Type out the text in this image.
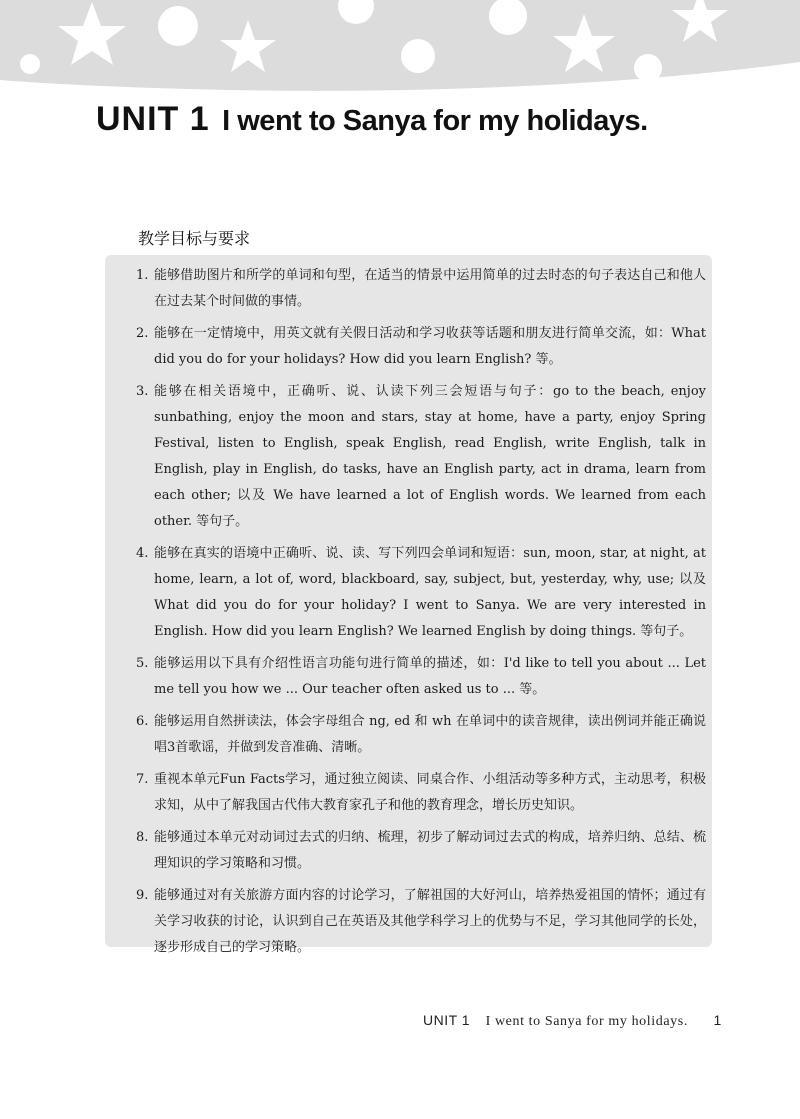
UNIT 1 I went to Sanya for my holidays.
教学目标与要求
1. 能够借助图片和所学的单词和句型，在适当的情景中运用简单的过去时态的句子表达自己和他人在过去某个时间做的事情。
2. 能够在一定情境中，用英文就有关假日活动和学习收获等话题和朋友进行简单交流，如：What did you do for your holidays? How did you learn English? 等。
3. 能够在相关语境中，正确听、说、认读下列三会短语与句子：go to the beach, enjoy sunbathing, enjoy the moon and stars, stay at home, have a party, enjoy Spring Festival, listen to English, speak English, read English, write English, talk in English, play in English, do tasks, have an English party, act in drama, learn from each other; 以及 We have learned a lot of English words. We learned from each other. 等句子。
4. 能够在真实的语境中正确听、说、读、写下列四会单词和短语：sun, moon, star, at night, at home, learn, a lot of, word, blackboard, say, subject, but, yesterday, why, use; 以及 What did you do for your holiday? I went to Sanya. We are very interested in English. How did you learn English? We learned English by doing things. 等句子。
5. 能够运用以下具有介绍性语言功能句进行简单的描述，如：I'd like to tell you about ... Let me tell you how we ... Our teacher often asked us to ... 等。
6. 能够运用自然拼读法，体会字母组合 ng, ed 和 wh 在单词中的读音规律，读出例词并能正确说唱3首歌谣，并做到发音准确、清晰。
7. 重视本单元Fun Facts学习，通过独立阅读、同桌合作、小组活动等多种方式，主动思考，积极求知，从中了解我国古代伟大教育家孔子和他的教育理念，增长历史知识。
8. 能够通过本单元对动词过去式的归纳、梳理，初步了解动词过去式的构成，培养归纳、总结、梳理知识的学习策略和习惯。
9. 能够通过对有关旅游方面内容的讨论学习，了解祖国的大好河山，培养热爱祖国的情怀；通过有关学习收获的讨论，认识到自己在英语及其他学科学习上的优势与不足，学习其他同学的长处，逐步形成自己的学习策略。
UNIT 1 I went to Sanya for my holidays. 1
